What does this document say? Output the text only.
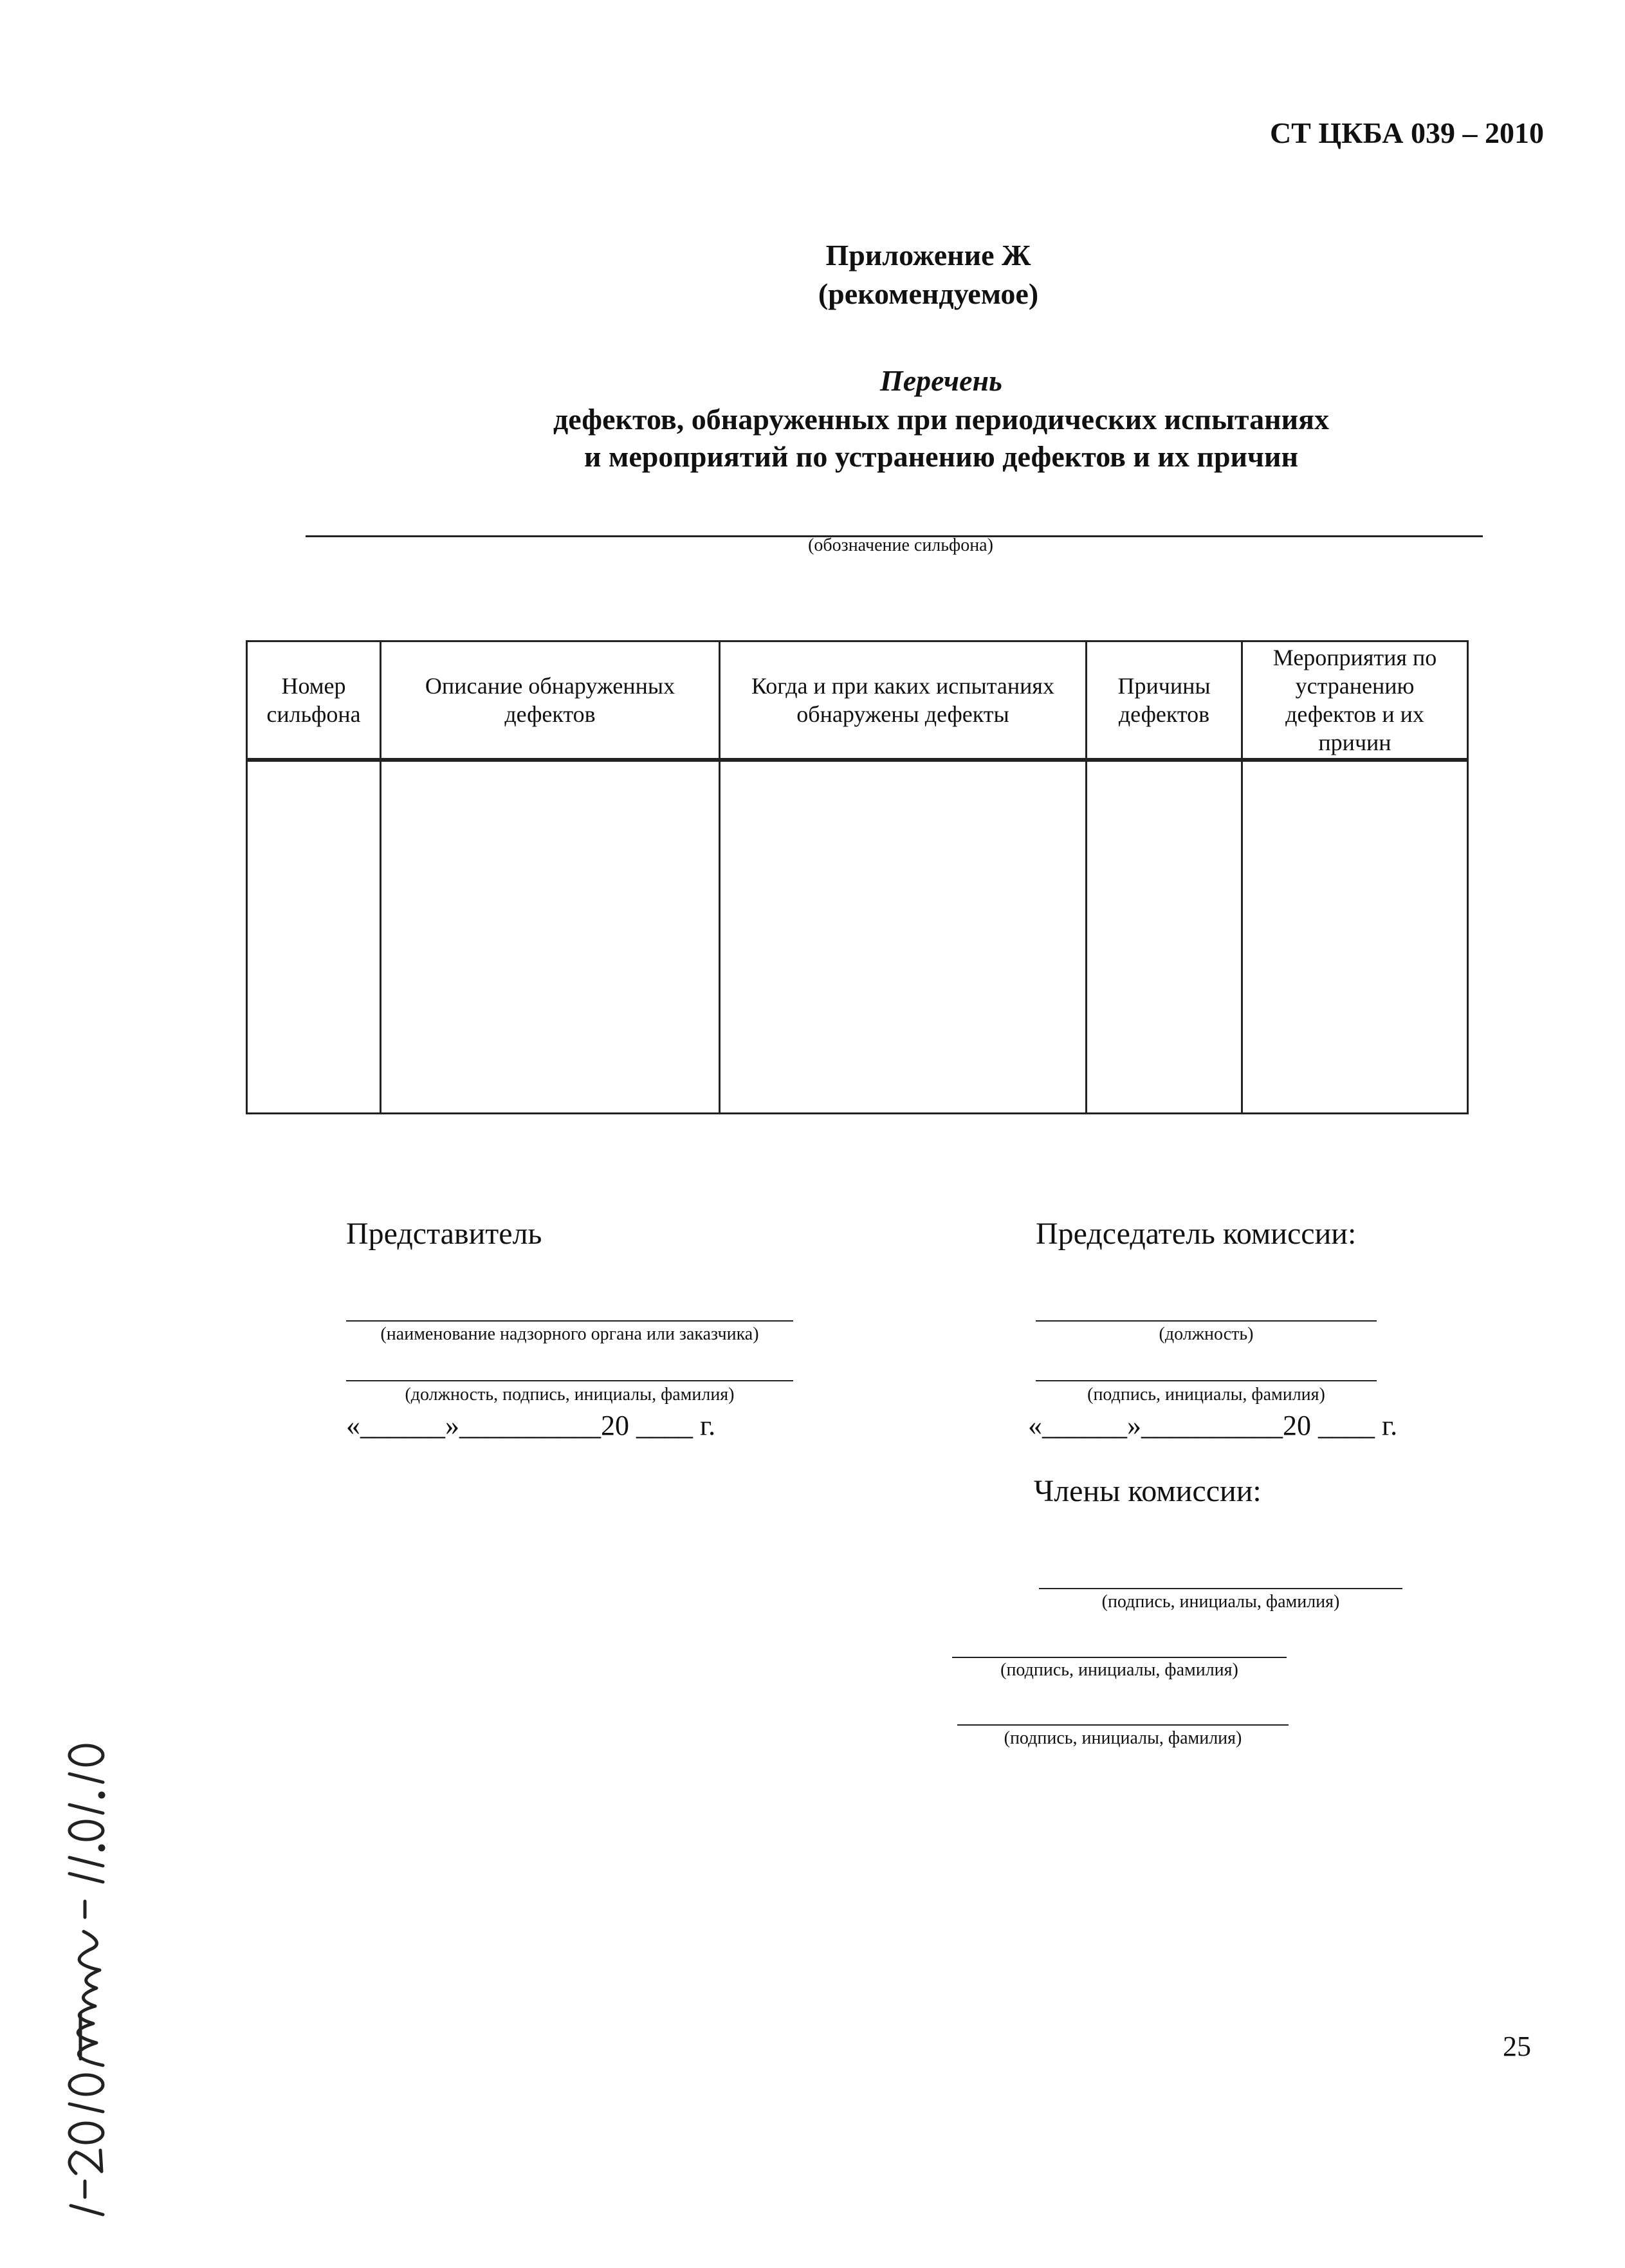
СТ ЦКБА 039 – 2010
Приложение Ж
(рекомендуемое)
Перечень
дефектов, обнаруженных при периодических испытаниях
и мероприятий по устранению дефектов и их причин
(обозначение сильфона)
Номер сильфона	Описание обнаруженных дефектов	Когда и при каких испытаниях обнаружены дефекты	Причины дефектов	Мероприятия по устранению дефектов и их причин

Представитель
(наименование надзорного органа или заказчика)
(должность, подпись, инициалы, фамилия)
«______»__________20 ____ г.
Председатель комиссии:
(должность)
(подпись, инициалы, фамилия)
«______»__________20 ____ г.
Члены комиссии:
(подпись, инициалы, фамилия)
(подпись, инициалы, фамилия)
(подпись, инициалы, фамилия)
25
